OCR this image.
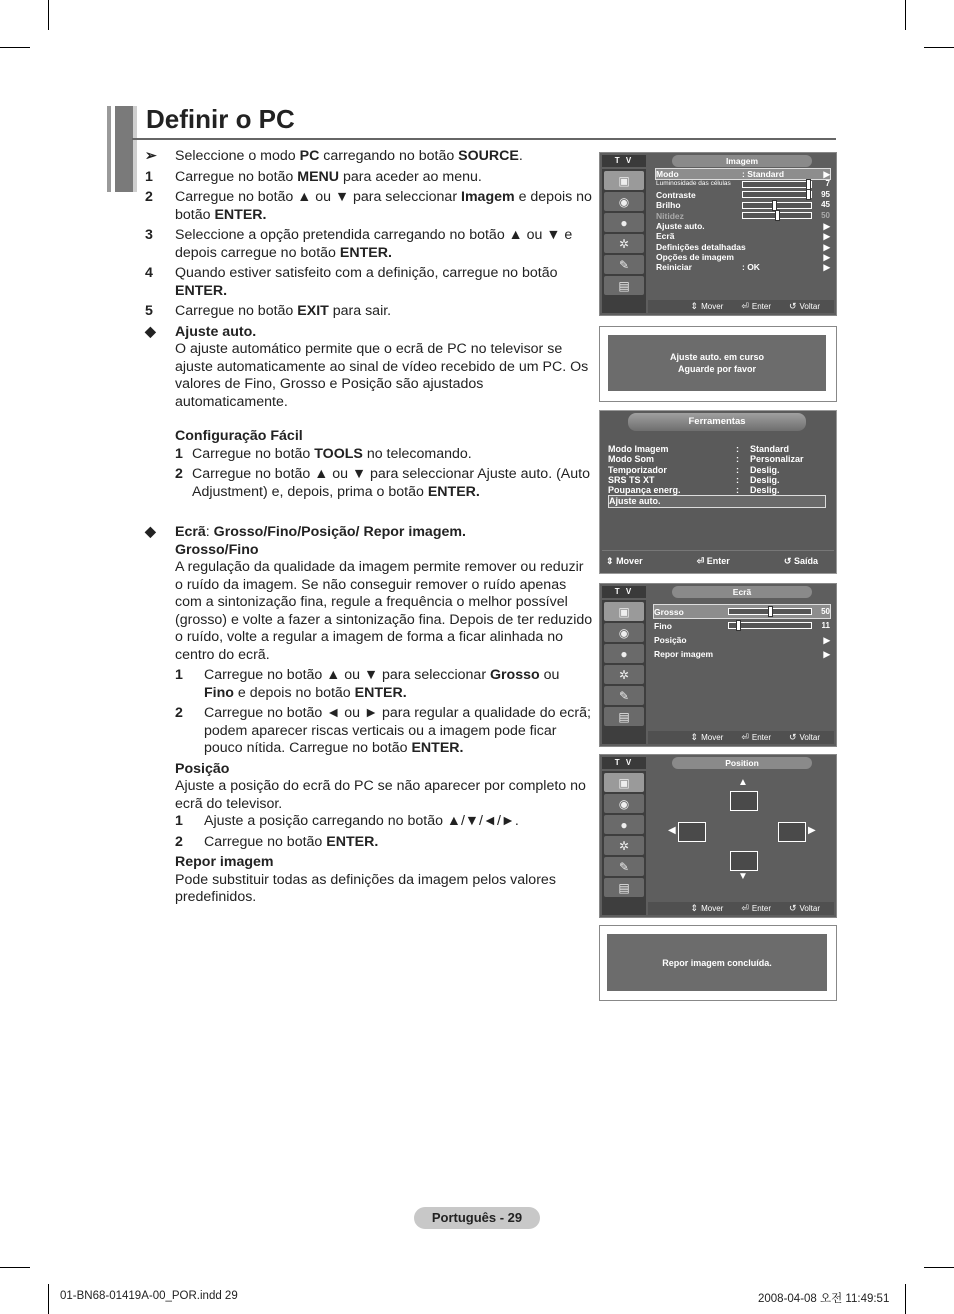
Definir o PC
➢	Seleccione o modo PC carregando no botão SOURCE.
1	Carregue no botão MENU para aceder ao menu.
2	Carregue no botão ▲ ou ▼ para seleccionar Imagem e depois no botão ENTER.
3	Seleccione a opção pretendida carregando no botão ▲ ou ▼ e depois carregue no botão ENTER.
4	Quando estiver satisfeito com a definição, carregue no botão ENTER.
5	Carregue no botão EXIT para sair.
◆	Ajuste auto.
O ajuste automático permite que o ecrã de PC no televisor se ajuste automaticamente ao sinal de vídeo recebido de um PC. Os valores de Fino, Grosso e Posição são ajustados automaticamente.
Configuração Fácil
1 Carregue no botão TOOLS no telecomando.
2 Carregue no botão ▲ ou ▼ para seleccionar Ajuste auto. (Auto Adjustment) e, depois, prima o botão ENTER.
◆	Ecrã: Grosso/Fino/Posição/ Repor imagem.
Grosso/Fino
A regulação da qualidade da imagem permite remover ou reduzir o ruído da imagem. Se não conseguir remover o ruído apenas com a sintonização fina, regule a frequência o melhor possível (grosso) e volte a fazer a sintonização fina. Depois de ter reduzido o ruído, volte a regular a imagem de forma a ficar alinhada no centro do ecrã.
1	Carregue no botão ▲ ou ▼ para seleccionar Grosso ou Fino e depois no botão ENTER.
2	Carregue no botão ◄ ou ► para regular a qualidade do ecrã; podem aparecer riscas verticais ou a imagem pode ficar pouco nítida. Carregue no botão ENTER.
Posição
Ajuste a posição do ecrã do PC se não aparecer por completo no ecrã do televisor.
1	Ajuste a posição carregando no botão ▲/▼/◄/►.
2	Carregue no botão ENTER.
Repor imagem
Pode substituir todas as definições da imagem pelos valores predefinidos.
T V	Imagem
▣
◉
●
✲
✎
▤
Modo	: Standard	▶
Luminosidade das células	7
Contraste	95
Brilho	45
Nitidez	50
Ajuste auto.	▶
Ecrã	▶
Definições detalhadas	▶
Opções de imagem	▶
Reiniciar	: OK	▶
⇕ Mover ⏎ Enter ↺ Voltar
Ajuste auto. em curso
Aguarde por favor
Ferramentas
Modo Imagem	:	Standard
Modo Som	:	Personalizar
Temporizador	:	Deslig.
SRS TS XT	:	Deslig.
Poupança energ.	:	Deslig.
Ajuste auto.
⇕ Mover	⏎ Enter	↺ Saída
T V	Ecrã
▣
◉
●
✲
✎
▤
Grosso	50
Fino	11
Posição	▶
Repor imagem	▶
⇕ Mover ⏎ Enter ↺ Voltar
T V	Position
▣
◉
●
✲
✎
▤
▲
◀	▶
▼
⇕ Mover ⏎ Enter ↺ Voltar
Repor imagem concluída.
Português - 29
01-BN68-01419A-00_POR.indd 29	2008-04-08 오전 11:49:51
